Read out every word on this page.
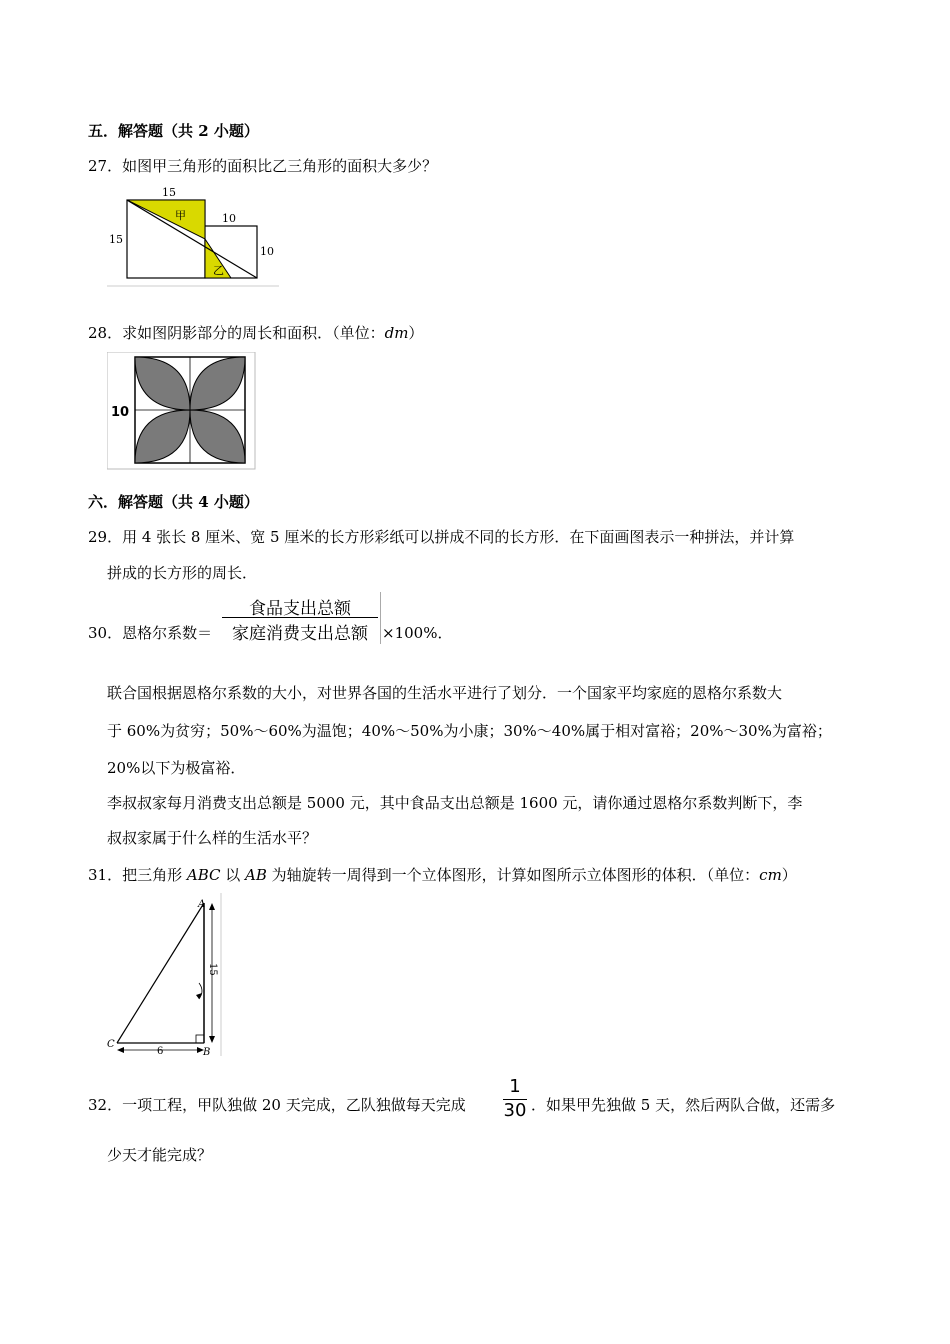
五．解答题（共 2 小题）
27．如图甲三角形的面积比乙三角形的面积大多少？
15
15
10
10
甲
乙
28．求如图阴影部分的周长和面积．（单位：dm）
10
六．解答题（共 4 小题）
29．用 4 张长 8 厘米、宽 5 厘米的长方形彩纸可以拼成不同的长方形．在下面画图表示一种拼法，并计算
拼成的长方形的周长．
30．恩格尔系数＝
食品支出总额
家庭消费支出总额 ×100%．
联合国根据恩格尔系数的大小，对世界各国的生活水平进行了划分．一个国家平均家庭的恩格尔系数大
于 60%为贫穷；50%～60%为温饱；40%～50%为小康；30%～40%属于相对富裕；20%～30%为富裕；
20%以下为极富裕．
李叔叔家每月消费支出总额是 5000 元，其中食品支出总额是 1600 元，请你通过恩格尔系数判断下，李
叔叔家属于什么样的生活水平？
31．把三角形 ABC 以 AB 为轴旋转一周得到一个立体图形，计算如图所示立体图形的体积．（单位：cm）
A
B
C
15
6
32．一项工程，甲队独做 20 天完成，乙队独做每天完成
1
30 ．如果甲先独做 5 天，然后两队合做，还需多
少天才能完成？
